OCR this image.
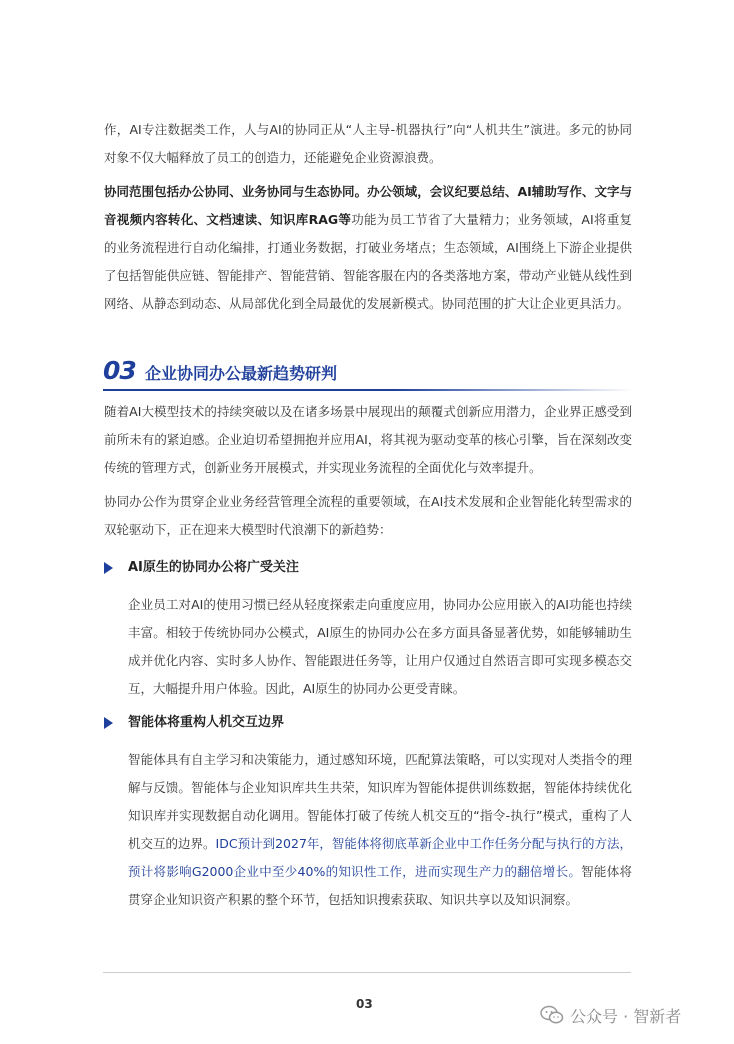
作，AI专注数据类工作，人与AI的协同正从“人主导-机器执行”向“人机共生”演进。多元的协同对象不仅大幅释放了员工的创造力，还能避免企业资源浪费。

协同范围包括办公协同、业务协同与生态协同。办公领域，会议纪要总结、AI辅助写作、文字与音视频内容转化、文档速读、知识库RAG等功能为员工节省了大量精力；业务领域，AI将重复的业务流程进行自动化编排，打通业务数据，打破业务堵点；生态领域，AI围绕上下游企业提供了包括智能供应链、智能排产、智能营销、智能客服在内的各类落地方案，带动产业链从线性到网络、从静态到动态、从局部优化到全局最优的发展新模式。协同范围的扩大让企业更具活力。

03 企业协同办公最新趋势研判

随着AI大模型技术的持续突破以及在诸多场景中展现出的颠覆式创新应用潜力，企业界正感受到前所未有的紧迫感。企业迫切希望拥抱并应用AI，将其视为驱动变革的核心引擎，旨在深刻改变传统的管理方式，创新业务开展模式，并实现业务流程的全面优化与效率提升。

协同办公作为贯穿企业业务经营管理全流程的重要领域，在AI技术发展和企业智能化转型需求的双轮驱动下，正在迎来大模型时代浪潮下的新趋势：

AI原生的协同办公将广受关注

企业员工对AI的使用习惯已经从轻度探索走向重度应用，协同办公应用嵌入的AI功能也持续丰富。相较于传统协同办公模式，AI原生的协同办公在多方面具备显著优势，如能够辅助生成并优化内容、实时多人协作、智能跟进任务等，让用户仅通过自然语言即可实现多模态交互，大幅提升用户体验。因此，AI原生的协同办公更受青睐。

智能体将重构人机交互边界

智能体具有自主学习和决策能力，通过感知环境，匹配算法策略，可以实现对人类指令的理解与反馈。智能体与企业知识库共生共荣，知识库为智能体提供训练数据，智能体持续优化知识库并实现数据自动化调用。智能体打破了传统人机交互的“指令-执行”模式，重构了人机交互的边界。IDC预计到2027年，智能体将彻底革新企业中工作任务分配与执行的方法，预计将影响G2000企业中至少40%的知识性工作，进而实现生产力的翻倍增长。智能体将贯穿企业知识资产积累的整个环节，包括知识搜索获取、知识共享以及知识洞察。

03
公众号 · 智新者
